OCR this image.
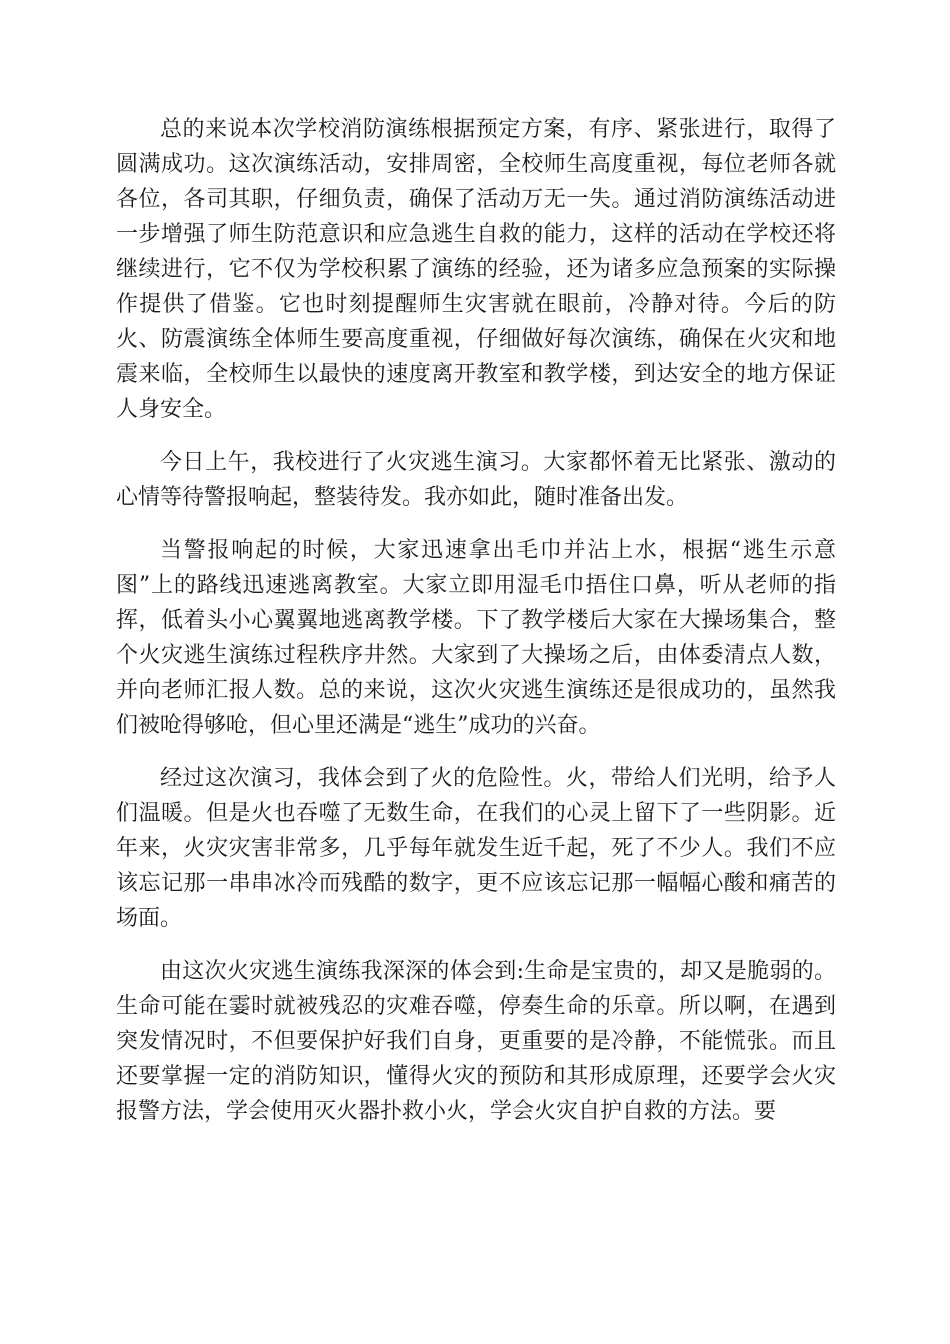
总的来说本次学校消防演练根据预定方案，有序、紧张进行，取得了圆满成功。这次演练活动，安排周密，全校师生高度重视，每位老师各就各位，各司其职，仔细负责，确保了活动万无一失。通过消防演练活动进一步增强了师生防范意识和应急逃生自救的能力，这样的活动在学校还将继续进行，它不仅为学校积累了演练的经验，还为诸多应急预案的实际操作提供了借鉴。它也时刻提醒师生灾害就在眼前，冷静对待。今后的防火、防震演练全体师生要高度重视，仔细做好每次演练，确保在火灾和地震来临，全校师生以最快的速度离开教室和教学楼，到达安全的地方保证人身安全。

今日上午，我校进行了火灾逃生演习。大家都怀着无比紧张、激动的心情等待警报响起，整装待发。我亦如此，随时准备出发。

当警报响起的时候，大家迅速拿出毛巾并沾上水，根据“逃生示意图”上的路线迅速逃离教室。大家立即用湿毛巾捂住口鼻，听从老师的指挥，低着头小心翼翼地逃离教学楼。下了教学楼后大家在大操场集合，整个火灾逃生演练过程秩序井然。大家到了大操场之后，由体委清点人数，并向老师汇报人数。总的来说，这次火灾逃生演练还是很成功的，虽然我们被呛得够呛，但心里还满是“逃生”成功的兴奋。

经过这次演习，我体会到了火的危险性。火，带给人们光明，给予人们温暖。但是火也吞噬了无数生命，在我们的心灵上留下了一些阴影。近年来，火灾灾害非常多，几乎每年就发生近千起，死了不少人。我们不应该忘记那一串串冰冷而残酷的数字，更不应该忘记那一幅幅心酸和痛苦的场面。

由这次火灾逃生演练我深深的体会到:生命是宝贵的，却又是脆弱的。生命可能在霎时就被残忍的灾难吞噬，停奏生命的乐章。所以啊，在遇到突发情况时，不但要保护好我们自身，更重要的是冷静，不能慌张。而且还要掌握一定的消防知识，懂得火灾的预防和其形成原理，还要学会火灾报警方法，学会使用灭火器扑救小火，学会火灾自护自救的方法。要
